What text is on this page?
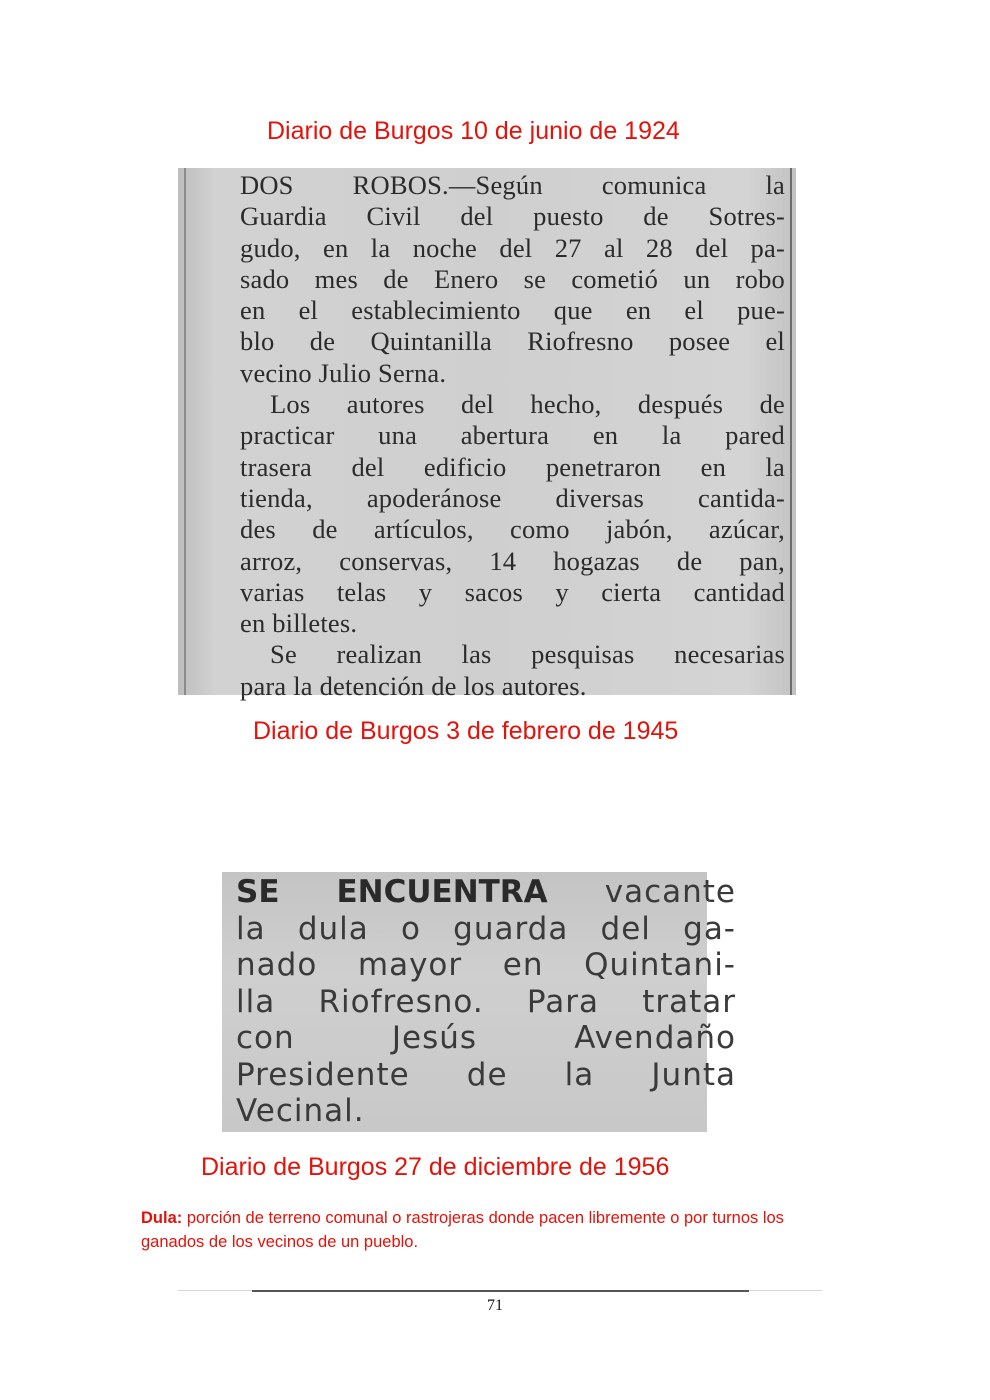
Diario de Burgos 10 de junio de 1924

DOS ROBOS.—Según comunica la
Guardia Civil del puesto de Sotres-
gudo, en la noche del 27 al 28 del pa-
sado mes de Enero se cometió un robo
en el establecimiento que en el pue-
blo de Quintanilla Riofresno posee el
vecino Julio Serna.
Los autores del hecho, después de
practicar una abertura en la pared
trasera del edificio penetraron en la
tienda, apoderánose diversas cantida-
des de artículos, como jabón, azúcar,
arroz, conservas, 14 hogazas de pan,
varias telas y sacos y cierta cantidad
en billetes.
Se realizan las pesquisas necesarias
para la detención de los autores.

Diario de Burgos 3 de febrero de 1945

SE ENCUENTRA vacante
la dula o guarda del ga-
nado mayor en Quintani-
lla Riofresno. Para tratar
con Jesús Avendaño
Presidente de la Junta
Vecinal.

Diario de Burgos 27 de diciembre de 1956

Dula: porción de terreno comunal o rastrojeras donde pacen libremente o por turnos los ganados de los vecinos de un pueblo.

71
